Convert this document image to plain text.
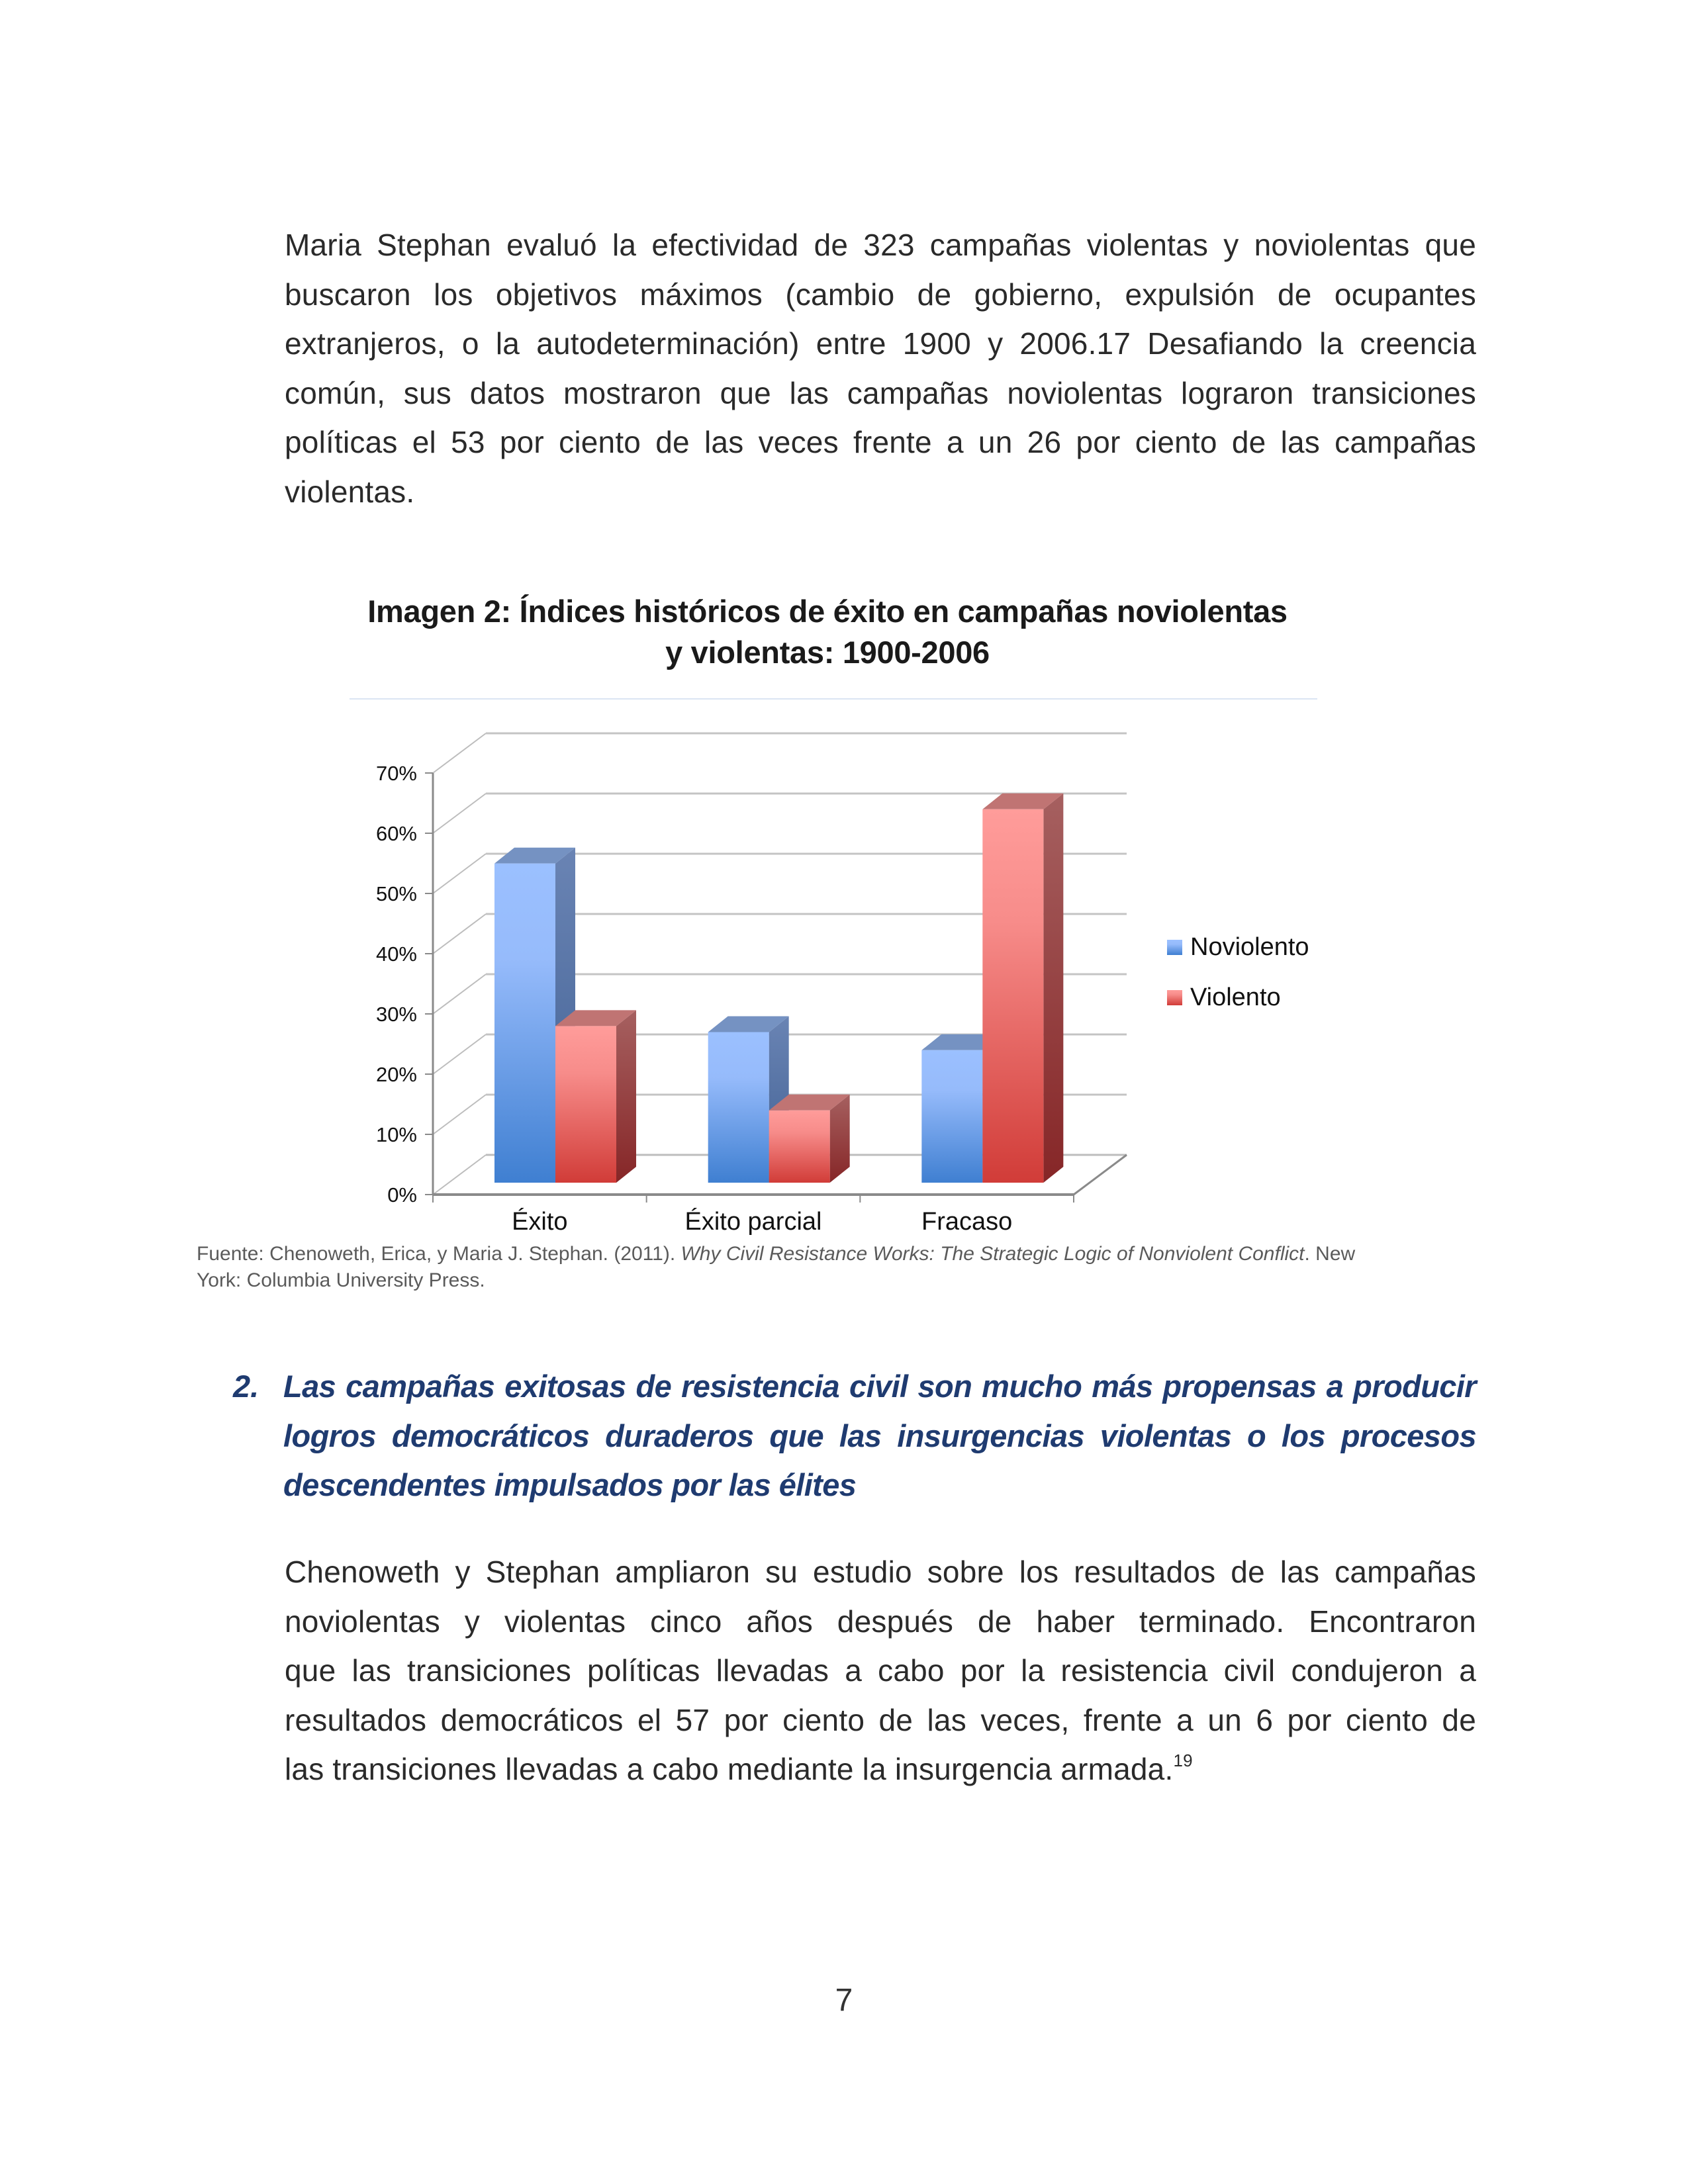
Maria Stephan evaluó la efectividad de 323 campañas violentas y noviolentas que
buscaron los objetivos máximos (cambio de gobierno, expulsión de ocupantes
extranjeros, o la autodeterminación) entre 1900 y 2006.17 Desafiando la creencia
común, sus datos mostraron que las campañas noviolentas lograron transiciones
políticas el 53 por ciento de las veces frente a un 26 por ciento de las campañas
violentas.
Imagen 2: Índices históricos de éxito en campañas noviolentas
y violentas: 1900-2006
0%
10%
20%
30%
40%
50%
60%
70%
Éxito	Éxito parcial	Fracaso
Noviolento
Violento
Fuente: Chenoweth, Erica, y Maria J. Stephan. (2011). Why Civil Resistance Works: The Strategic Logic of Nonviolent Conflict. New
York: Columbia University Press.
2. Las campañas exitosas de resistencia civil son mucho más propensas a producir
logros democráticos duraderos que las insurgencias violentas o los procesos
descendentes impulsados por las élites
Chenoweth y Stephan ampliaron su estudio sobre los resultados de las campañas
noviolentas y violentas cinco años después de haber terminado. Encontraron
que las transiciones políticas llevadas a cabo por la resistencia civil condujeron a
resultados democráticos el 57 por ciento de las veces, frente a un 6 por ciento de
las transiciones llevadas a cabo mediante la insurgencia armada.$^{19}$
7
